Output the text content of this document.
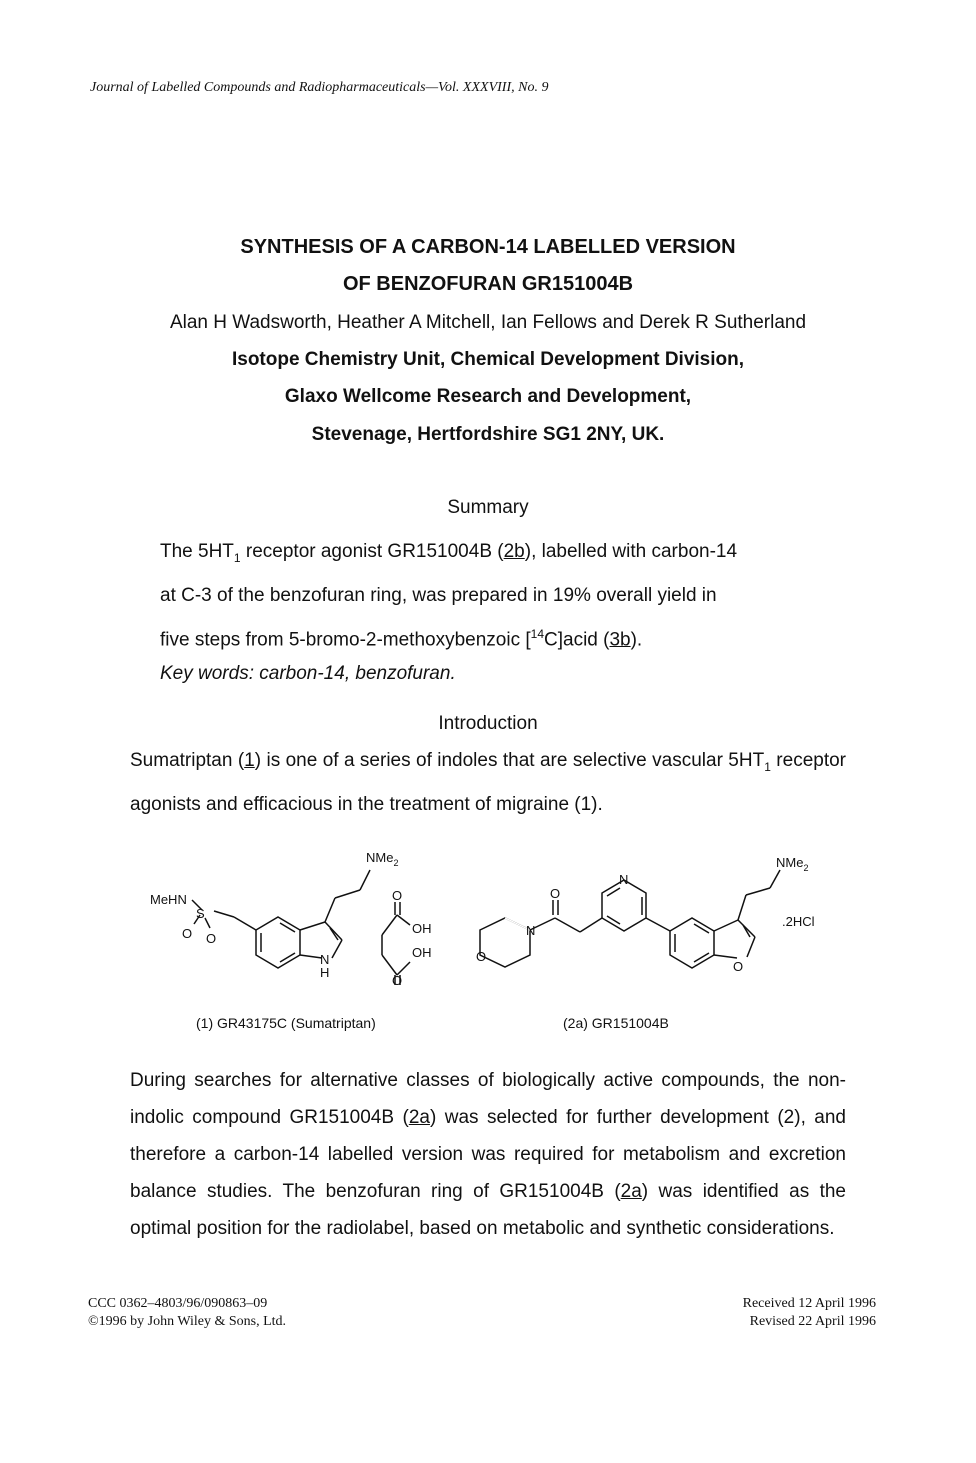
Journal of Labelled Compounds and Radiopharmaceuticals—Vol. XXXVIII, No. 9
SYNTHESIS OF A CARBON-14 LABELLED VERSION
OF BENZOFURAN GR151004B
Alan H Wadsworth, Heather A Mitchell, Ian Fellows and Derek R Sutherland
Isotope Chemistry Unit, Chemical Development Division,
Glaxo Wellcome Research and Development,
Stevenage, Hertfordshire SG1 2NY, UK.
Summary
The $5HT_1$ receptor agonist GR151004B (2b), labelled with carbon-14
at C-3 of the benzofuran ring, was prepared in 19% overall yield in
five steps from 5-bromo-2-methoxybenzoic [$^{14}$C]acid (3b).
Key words: carbon-14, benzofuran.
Introduction
Sumatriptan (1) is one of a series of indoles that are selective vascular $5HT_1$ receptor agonists and efficacious in the treatment of migraine (1).
NMe$_2$
MeHN
S
O O
N
H
O
OH
OH
O
O
N
O
N
O
NMe$_2$
.2HCl
(1) GR43175C (Sumatriptan)	(2a) GR151004B
During searches for alternative classes of biologically active compounds, the non-indolic compound GR151004B (2a) was selected for further development (2), and therefore a carbon-14 labelled version was required for metabolism and excretion balance studies. The benzofuran ring of GR151004B (2a) was identified as the optimal position for the radiolabel, based on metabolic and synthetic considerations.
CCC 0362–4803/96/090863–09
©1996 by John Wiley & Sons, Ltd.
Received 12 April 1996
Revised 22 April 1996
